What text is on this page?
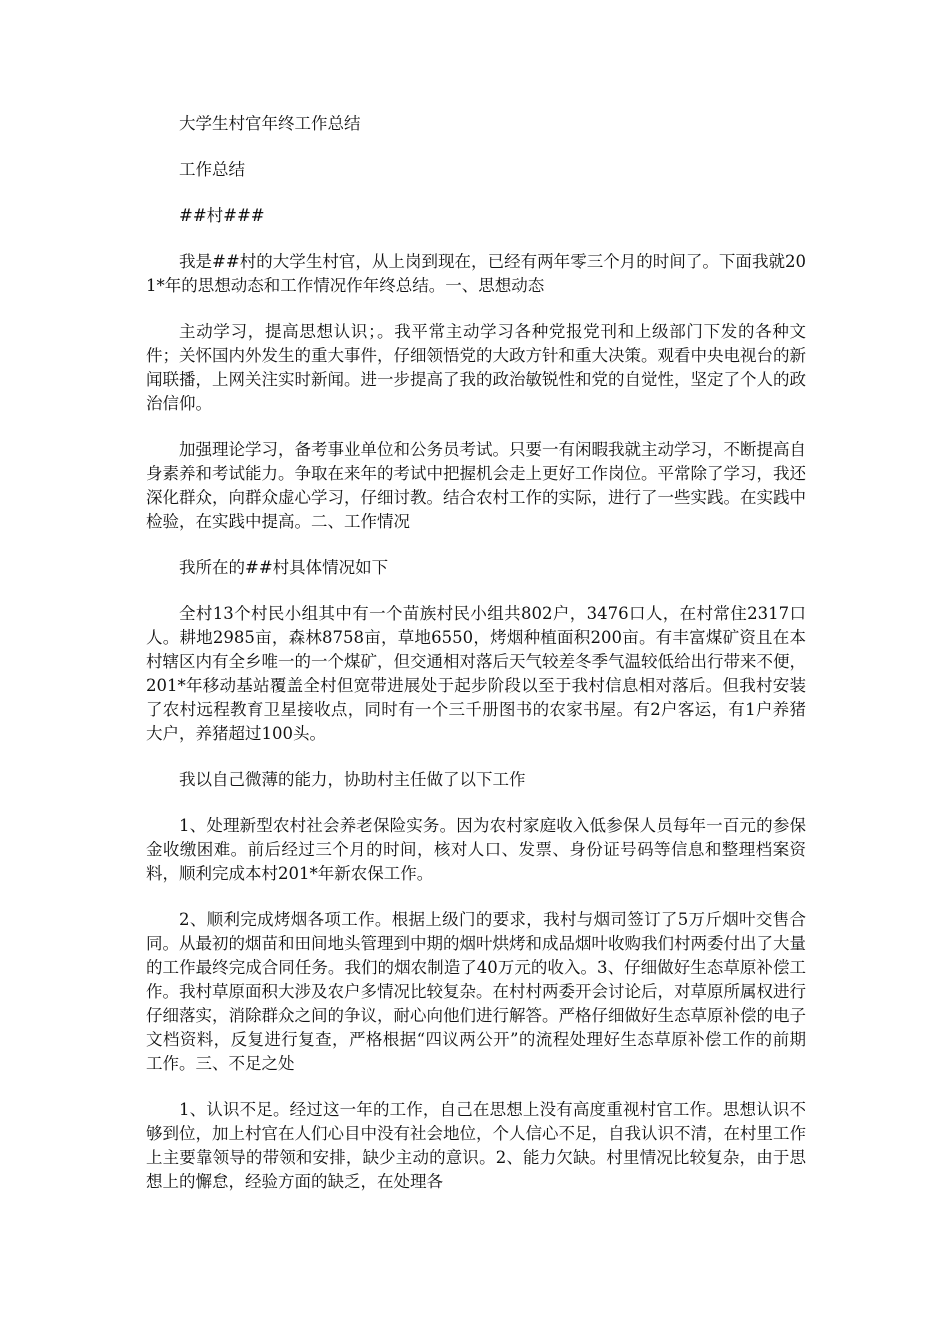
大学生村官年终工作总结

工作总结

##村###

我是##村的大学生村官，从上岗到现在，已经有两年零三个月的时间了。下面我就201*年的思想动态和工作情况作年终总结。一、思想动态

主动学习，提高思想认识；。我平常主动学习各种党报党刊和上级部门下发的各种文件；关怀国内外发生的重大事件，仔细领悟党的大政方针和重大决策。观看中央电视台的新闻联播，上网关注实时新闻。进一步提高了我的政治敏锐性和党的自觉性，坚定了个人的政治信仰。

加强理论学习，备考事业单位和公务员考试。只要一有闲暇我就主动学习，不断提高自身素养和考试能力。争取在来年的考试中把握机会走上更好工作岗位。平常除了学习，我还深化群众，向群众虚心学习，仔细讨教。结合农村工作的实际，进行了一些实践。在实践中检验，在实践中提高。二、工作情况

我所在的##村具体情况如下

全村13个村民小组其中有一个苗族村民小组共802户，3476口人，在村常住2317口人。耕地2985亩，森林8758亩，草地6550，烤烟种植面积200亩。有丰富煤矿资且在本村辖区内有全乡唯一的一个煤矿，但交通相对落后天气较差冬季气温较低给出行带来不便，201*年移动基站覆盖全村但宽带进展处于起步阶段以至于我村信息相对落后。但我村安装了农村远程教育卫星接收点，同时有一个三千册图书的农家书屋。有2户客运，有1户养猪大户，养猪超过100头。

我以自己微薄的能力，协助村主任做了以下工作

1、处理新型农村社会养老保险实务。因为农村家庭收入低参保人员每年一百元的参保金收缴困难。前后经过三个月的时间，核对人口、发票、身份证号码等信息和整理档案资料，顺利完成本村201*年新农保工作。

2、顺利完成烤烟各项工作。根据上级门的要求，我村与烟司签订了5万斤烟叶交售合同。从最初的烟苗和田间地头管理到中期的烟叶烘烤和成品烟叶收购我们村两委付出了大量的工作最终完成合同任务。我们的烟农制造了40万元的收入。3、仔细做好生态草原补偿工作。我村草原面积大涉及农户多情况比较复杂。在村村两委开会讨论后，对草原所属权进行仔细落实，消除群众之间的争议，耐心向他们进行解答。严格仔细做好生态草原补偿的电子文档资料，反复进行复查，严格根据“四议两公开”的流程处理好生态草原补偿工作的前期工作。三、不足之处

1、认识不足。经过这一年的工作，自己在思想上没有高度重视村官工作。思想认识不够到位，加上村官在人们心目中没有社会地位，个人信心不足，自我认识不清，在村里工作上主要靠领导的带领和安排，缺少主动的意识。2、能力欠缺。村里情况比较复杂，由于思想上的懈怠，经验方面的缺乏，在处理各
